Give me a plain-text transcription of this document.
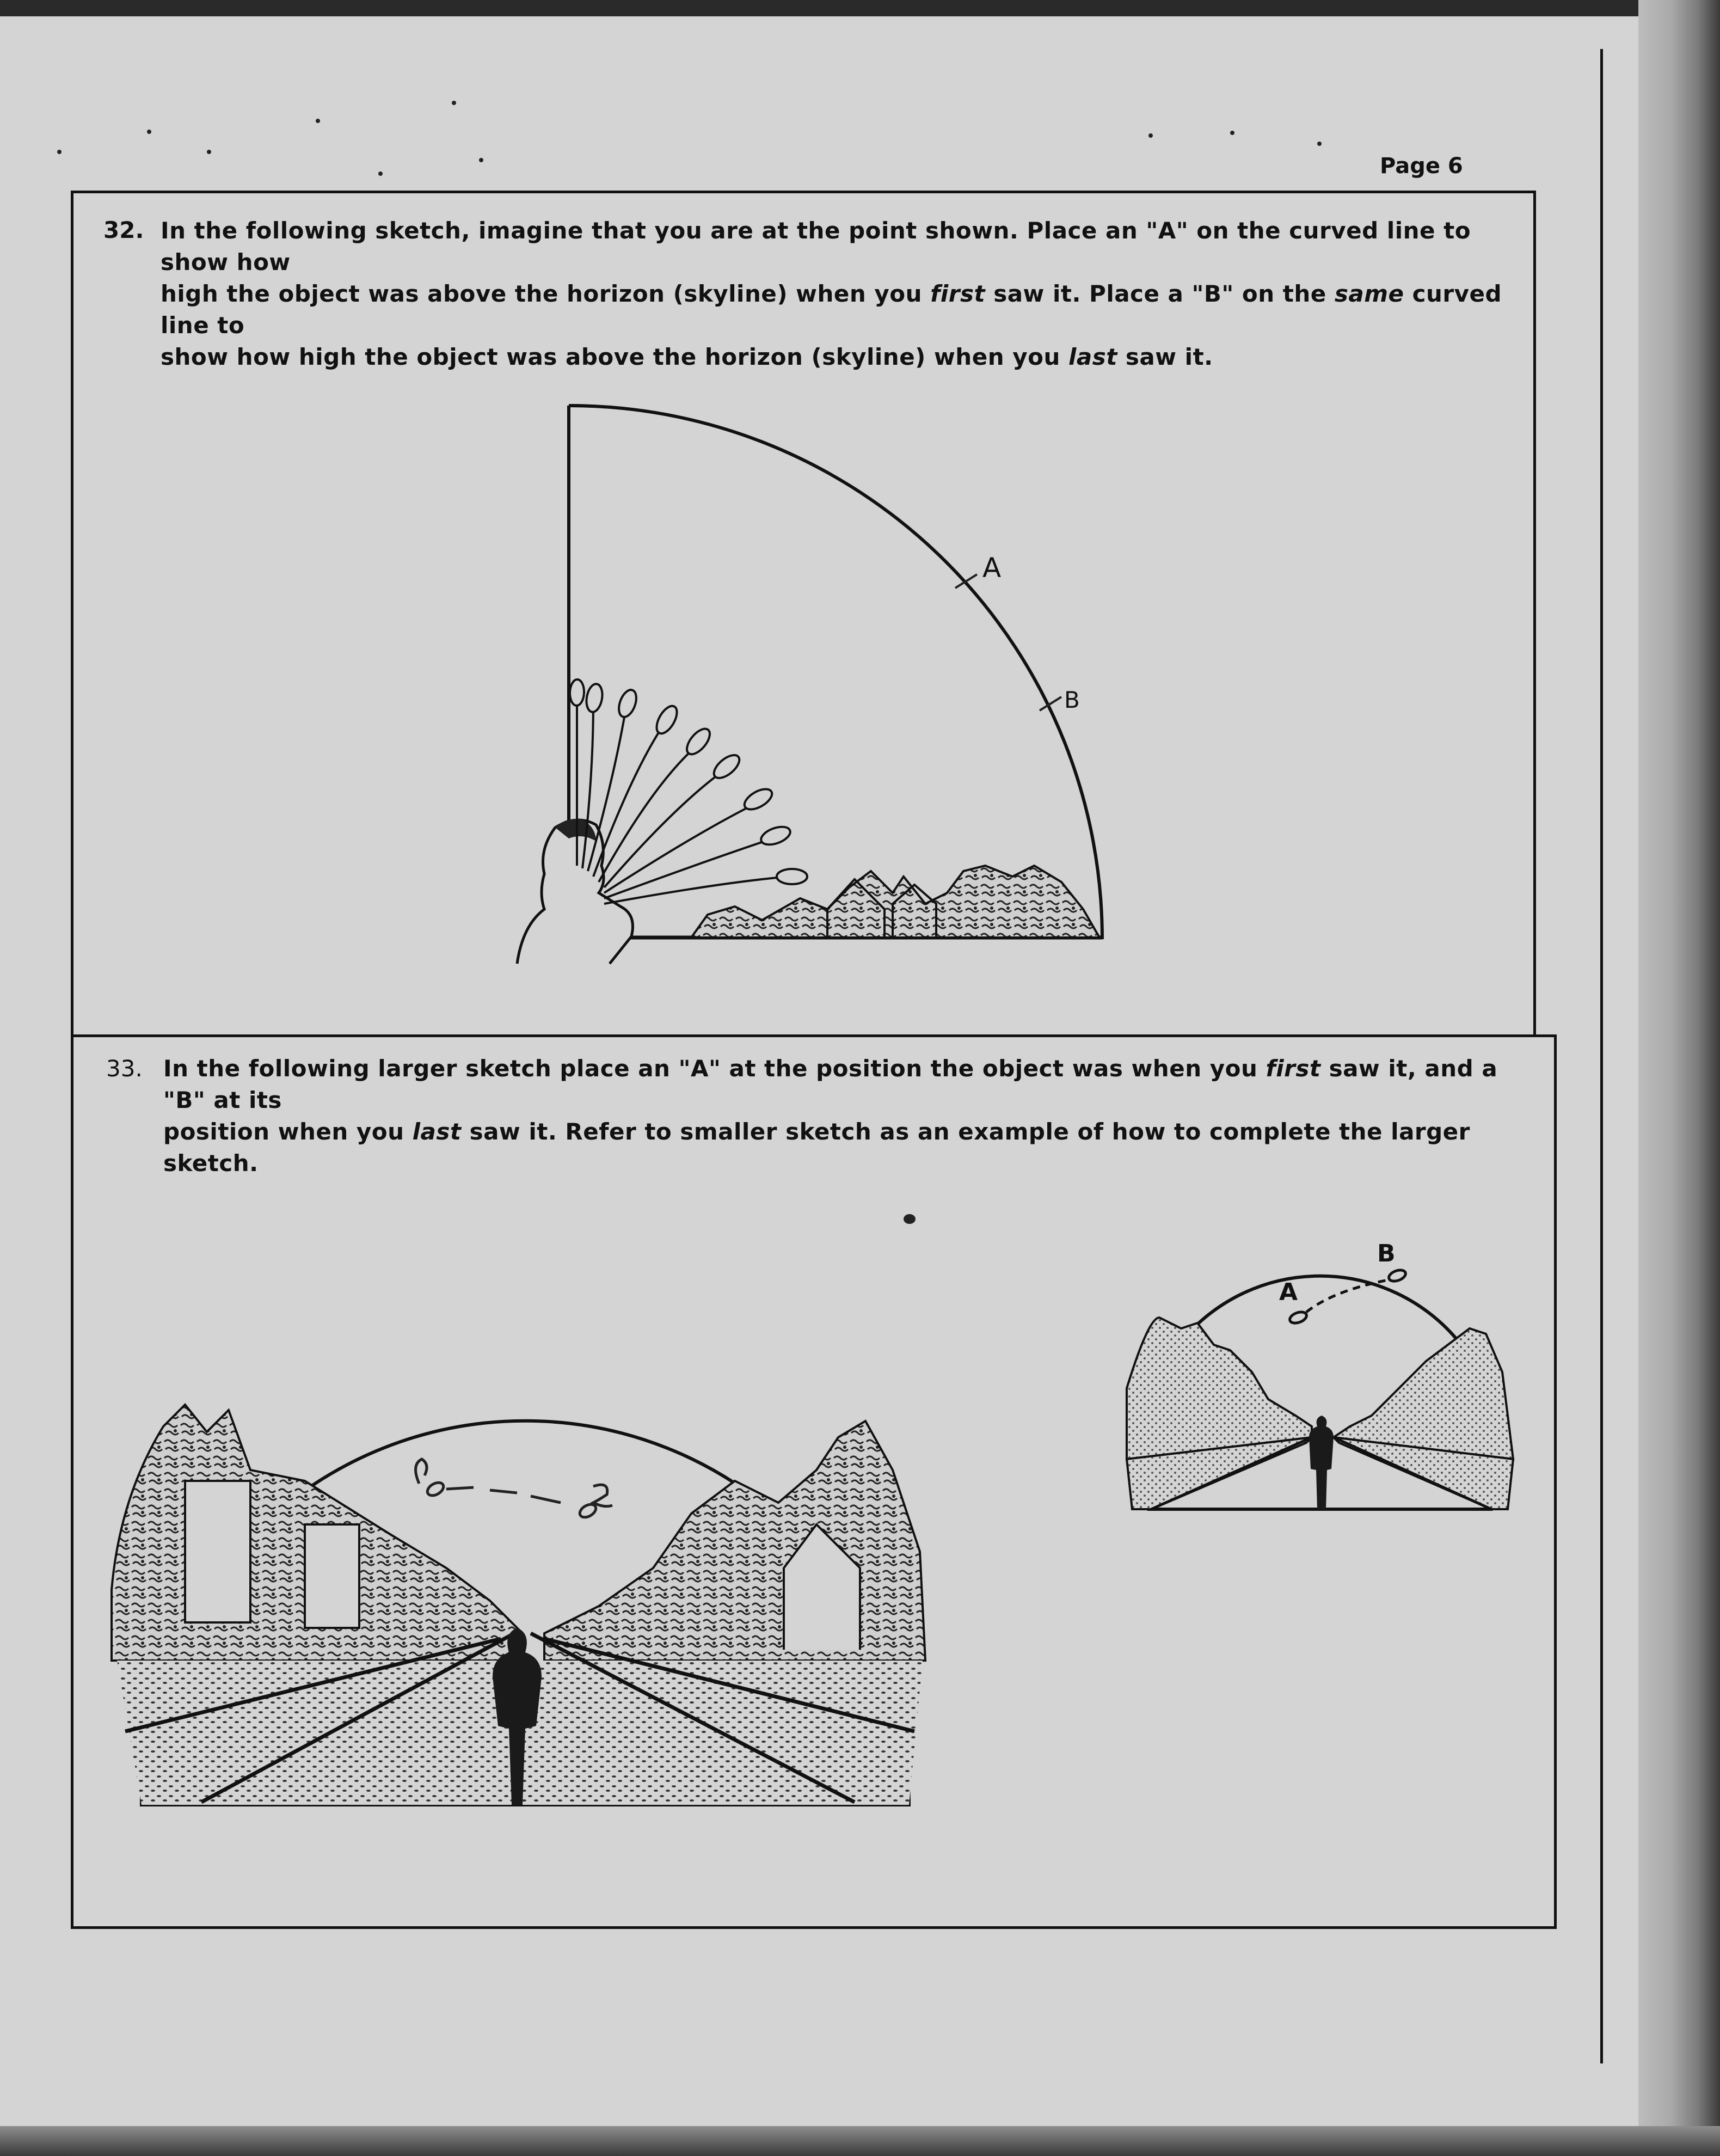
Page 6
32. In the following sketch, imagine that you are at the point shown. Place an "A" on the curved line to show how
high the object was above the horizon (skyline) when you first saw it. Place a "B" on the same curved line to
show how high the object was above the horizon (skyline) when you last saw it.
33. In the following larger sketch place an "A" at the position the object was when you first saw it, and a "B" at its
position when you last saw it. Refer to smaller sketch as an example of how to complete the larger sketch.
A
B
A
B
